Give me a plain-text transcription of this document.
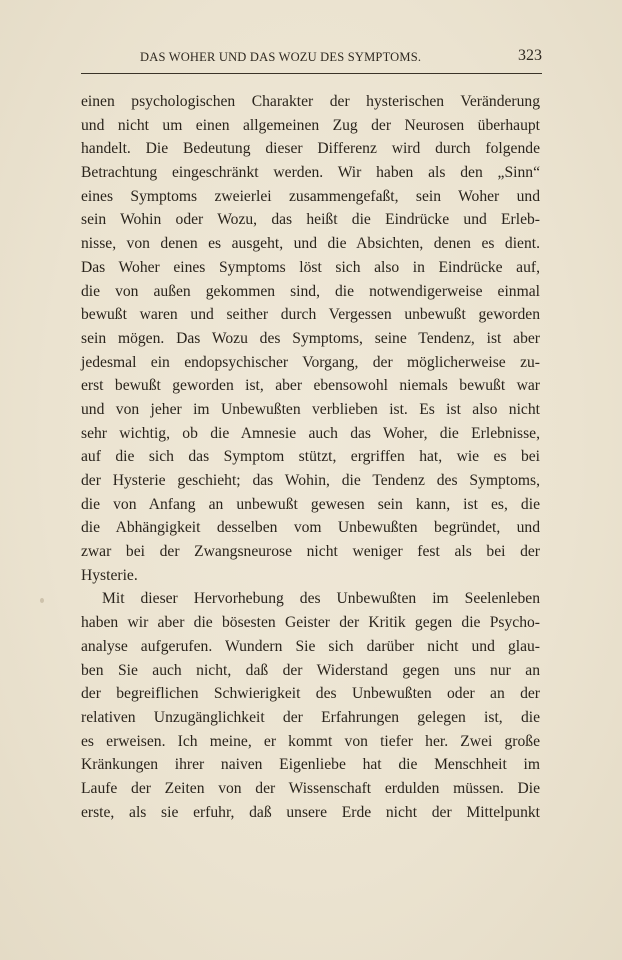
DAS WOHER UND DAS WOZU DES SYMPTOMS.	323
einen psychologischen Charakter der hysterischen Veränderung
und nicht um einen allgemeinen Zug der Neurosen überhaupt
handelt. Die Bedeutung dieser Differenz wird durch folgende
Betrachtung eingeschränkt werden. Wir haben als den „Sinn“
eines Symptoms zweierlei zusammengefaßt, sein Woher und
sein Wohin oder Wozu, das heißt die Eindrücke und Erleb-
nisse, von denen es ausgeht, und die Absichten, denen es dient.
Das Woher eines Symptoms löst sich also in Eindrücke auf,
die von außen gekommen sind, die notwendigerweise einmal
bewußt waren und seither durch Vergessen unbewußt geworden
sein mögen. Das Wozu des Symptoms, seine Tendenz, ist aber
jedesmal ein endopsychischer Vorgang, der möglicherweise zu-
erst bewußt geworden ist, aber ebensowohl niemals bewußt war
und von jeher im Unbewußten verblieben ist. Es ist also nicht
sehr wichtig, ob die Amnesie auch das Woher, die Erlebnisse,
auf die sich das Symptom stützt, ergriffen hat, wie es bei
der Hysterie geschieht; das Wohin, die Tendenz des Symptoms,
die von Anfang an unbewußt gewesen sein kann, ist es, die
die Abhängigkeit desselben vom Unbewußten begründet, und
zwar bei der Zwangsneurose nicht weniger fest als bei der
Hysterie.
Mit dieser Hervorhebung des Unbewußten im Seelenleben
haben wir aber die bösesten Geister der Kritik gegen die Psycho-
analyse aufgerufen. Wundern Sie sich darüber nicht und glau-
ben Sie auch nicht, daß der Widerstand gegen uns nur an
der begreiflichen Schwierigkeit des Unbewußten oder an der
relativen Unzugänglichkeit der Erfahrungen gelegen ist, die
es erweisen. Ich meine, er kommt von tiefer her. Zwei große
Kränkungen ihrer naiven Eigenliebe hat die Menschheit im
Laufe der Zeiten von der Wissenschaft erdulden müssen. Die
erste, als sie erfuhr, daß unsere Erde nicht der Mittelpunkt
